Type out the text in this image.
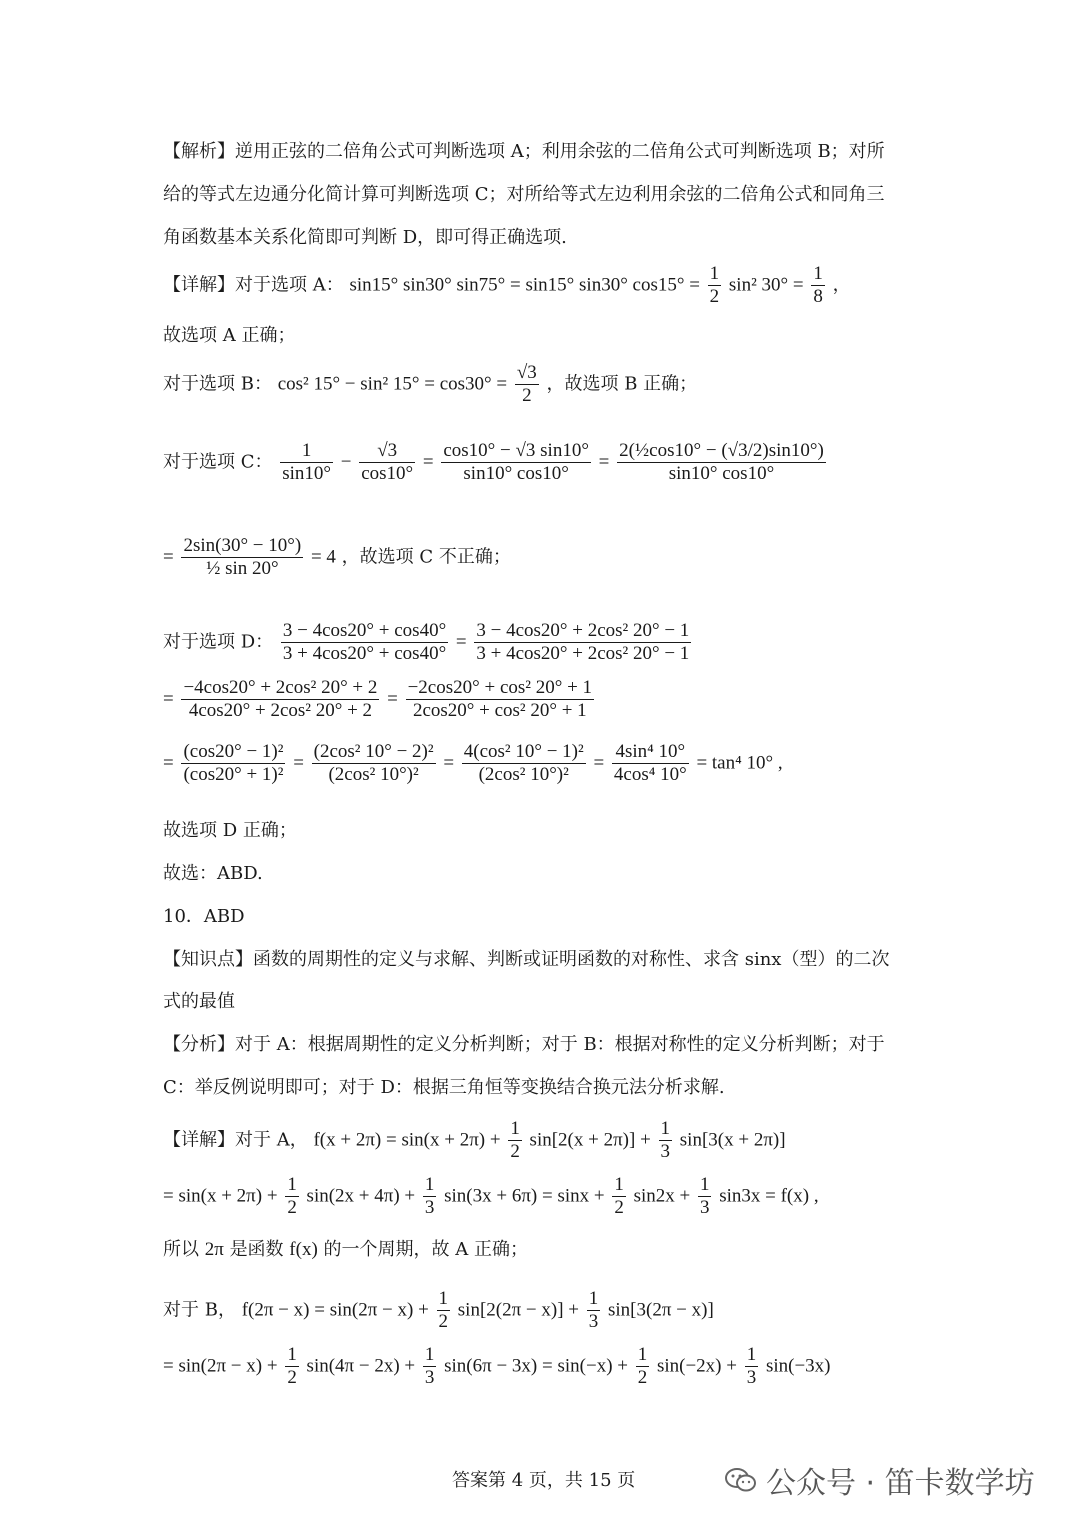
【解析】逆用正弦的二倍角公式可判断选项 A；利用余弦的二倍角公式可判断选项 B；对所
给的等式左边通分化简计算可判断选项 C；对所给等式左边利用余弦的二倍角公式和同角三
角函数基本关系化简即可判断 D，即可得正确选项.
【详解】对于选项 A： sin15° sin30° sin75° = sin15° sin30° $\cos 15^\circ = \frac{1}{2} \sin^2$ $30^\circ = \frac{1}{8}$ ，
故选项 A 正确；
对于选项 B： cos² 15° − sin² $15^\circ = \cos 30^\circ = \frac{√3}{2}$ ，故选项 B 正确；
对于选项 C： $\frac{1}{\sin 10^\circ} - \frac{√3}{\cos 10^\circ} = \frac{\cos 10^\circ - √3 \sin 10^\circ}{\sin 10^\circ \cos 10^\circ} = \frac{\text{2(½cos10° − (√3/2)sin10°)}}{\sin 10^\circ \cos 10^\circ}$
= $\frac{2\sin(30^\circ - 10^\circ)}{\text{½ sin 20°}} = 4$ ，故选项 C 不正确；
对于选项 D： $\frac{3 - 4\cos 20^\circ + \cos 40^\circ}{3 + 4\cos 20^\circ + \cos 40^\circ} = \frac{\text{3 − 4cos20° + 2cos² 20° − 1}}{\text{3 + 4cos20° + 2cos² 20° − 1}}$
= $\frac{\text{−4cos20° + 2cos² 20° + 2}}{\text{4cos20° + 2cos² 20° + 2}} = \frac{\text{−2cos20° + cos² 20° + 1}}{\text{2cos20° + cos² 20° + 1}}$
= $\frac{\text{(cos20° − 1)²}}{\text{(cos20° + 1)²}} = \frac{\text{(2cos² 10° − 2)²}}{\text{(2cos² 10°)²}} = \frac{\text{4(cos² 10° − 1)²}}{\text{(2cos² 10°)²}} = \frac{\text{4sin⁴ 10°}}{\text{4cos⁴ 10°}} = \tan^4$ 10° ,
故选项 D 正确；
故选：ABD.
10．ABD
【知识点】函数的周期性的定义与求解、判断或证明函数的对称性、求含 sinx（型）的二次
式的最值
【分析】对于 A：根据周期性的定义分析判断；对于 B：根据对称性的定义分析判断；对于
C：举反例说明即可；对于 D：根据三角恒等变换结合换元法分析求解.
【详解】对于 A， $f(x + 2\pi) = \sin(x + 2\pi) + \frac{1}{2} \sin[2(x + 2\pi)] + \frac{1}{3} \sin[3(x + 2\pi)]$
= $\sin(x + 2\pi) + \frac{1}{2} \sin(2x + 4\pi) + \frac{1}{3} \sin(3x + 6\pi) = \sin x + \frac{1}{2} \sin 2x + \frac{1}{3} \sin 3x = f(x)$ ,
所以 2π 是函数 f(x) 的一个周期，故 A 正确；
对于 B， $f(2\pi - x) = \sin(2\pi - x) + \frac{1}{2} \sin[2(2\pi - x)] + \frac{1}{3} \sin[3(2\pi - x)]$
= $\sin(2\pi - x) + \frac{1}{2} \sin(4\pi - 2x) + \frac{1}{3} \sin(6\pi - 3x) = \sin(-x) + \frac{1}{2} \sin(-2x) + \frac{1}{3} \sin(-3x)$
答案第 4 页，共 15 页	公众号 · 笛卡数学坊
